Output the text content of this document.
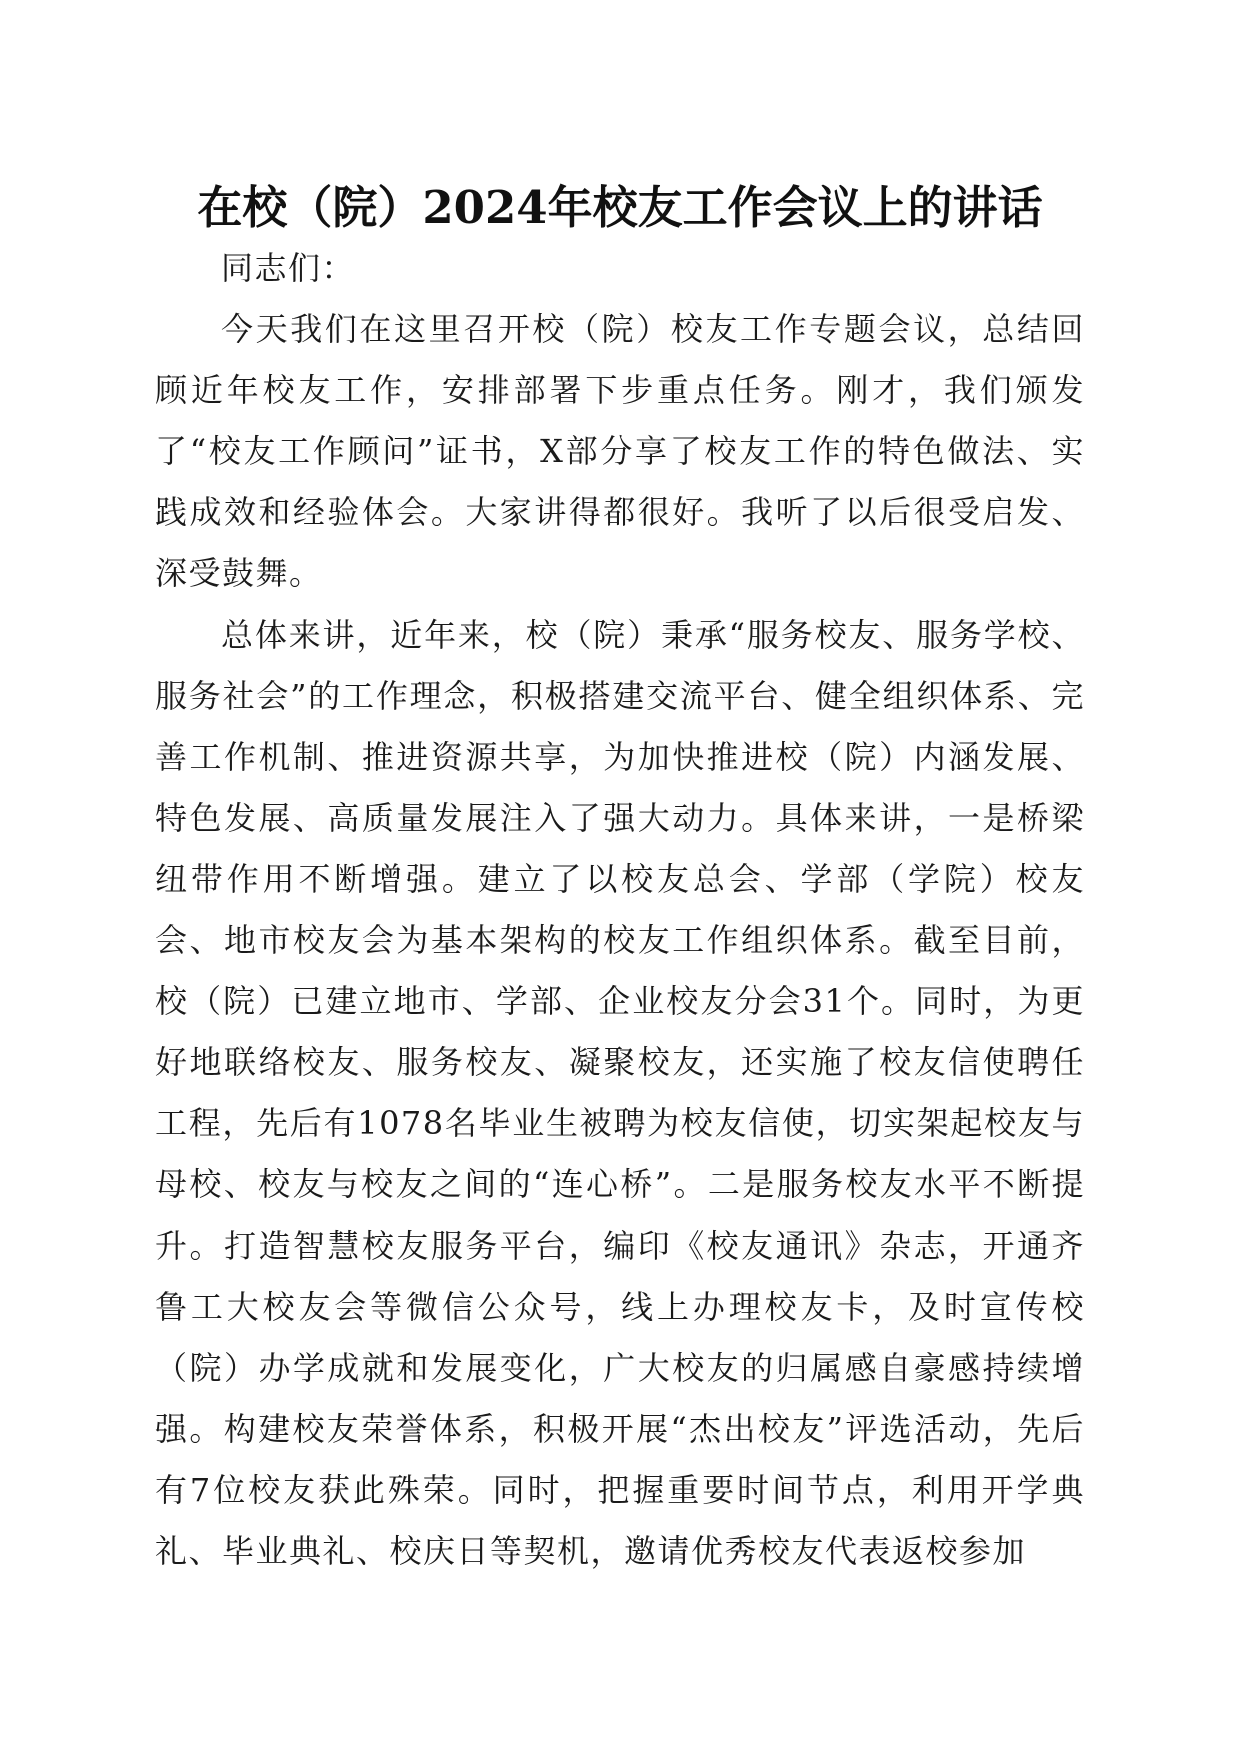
在校（院）2024年校友工作会议上的讲话

同志们：

今天我们在这里召开校（院）校友工作专题会议，总结回顾近年校友工作，安排部署下步重点任务。刚才，我们颁发了“校友工作顾问”证书，X部分享了校友工作的特色做法、实践成效和经验体会。大家讲得都很好。我听了以后很受启发、深受鼓舞。

总体来讲，近年来，校（院）秉承“服务校友、服务学校、服务社会”的工作理念，积极搭建交流平台、健全组织体系、完善工作机制、推进资源共享，为加快推进校（院）内涵发展、特色发展、高质量发展注入了强大动力。具体来讲，一是桥梁纽带作用不断增强。建立了以校友总会、学部（学院）校友会、地市校友会为基本架构的校友工作组织体系。截至目前，校（院）已建立地市、学部、企业校友分会31个。同时，为更好地联络校友、服务校友、凝聚校友，还实施了校友信使聘任工程，先后有1078名毕业生被聘为校友信使，切实架起校友与母校、校友与校友之间的“连心桥”。二是服务校友水平不断提升。打造智慧校友服务平台，编印《校友通讯》杂志，开通齐鲁工大校友会等微信公众号，线上办理校友卡，及时宣传校（院）办学成就和发展变化，广大校友的归属感自豪感持续增强。构建校友荣誉体系，积极开展“杰出校友”评选活动，先后有7位校友获此殊荣。同时，把握重要时间节点，利用开学典礼、毕业典礼、校庆日等契机，邀请优秀校友代表返校参加
